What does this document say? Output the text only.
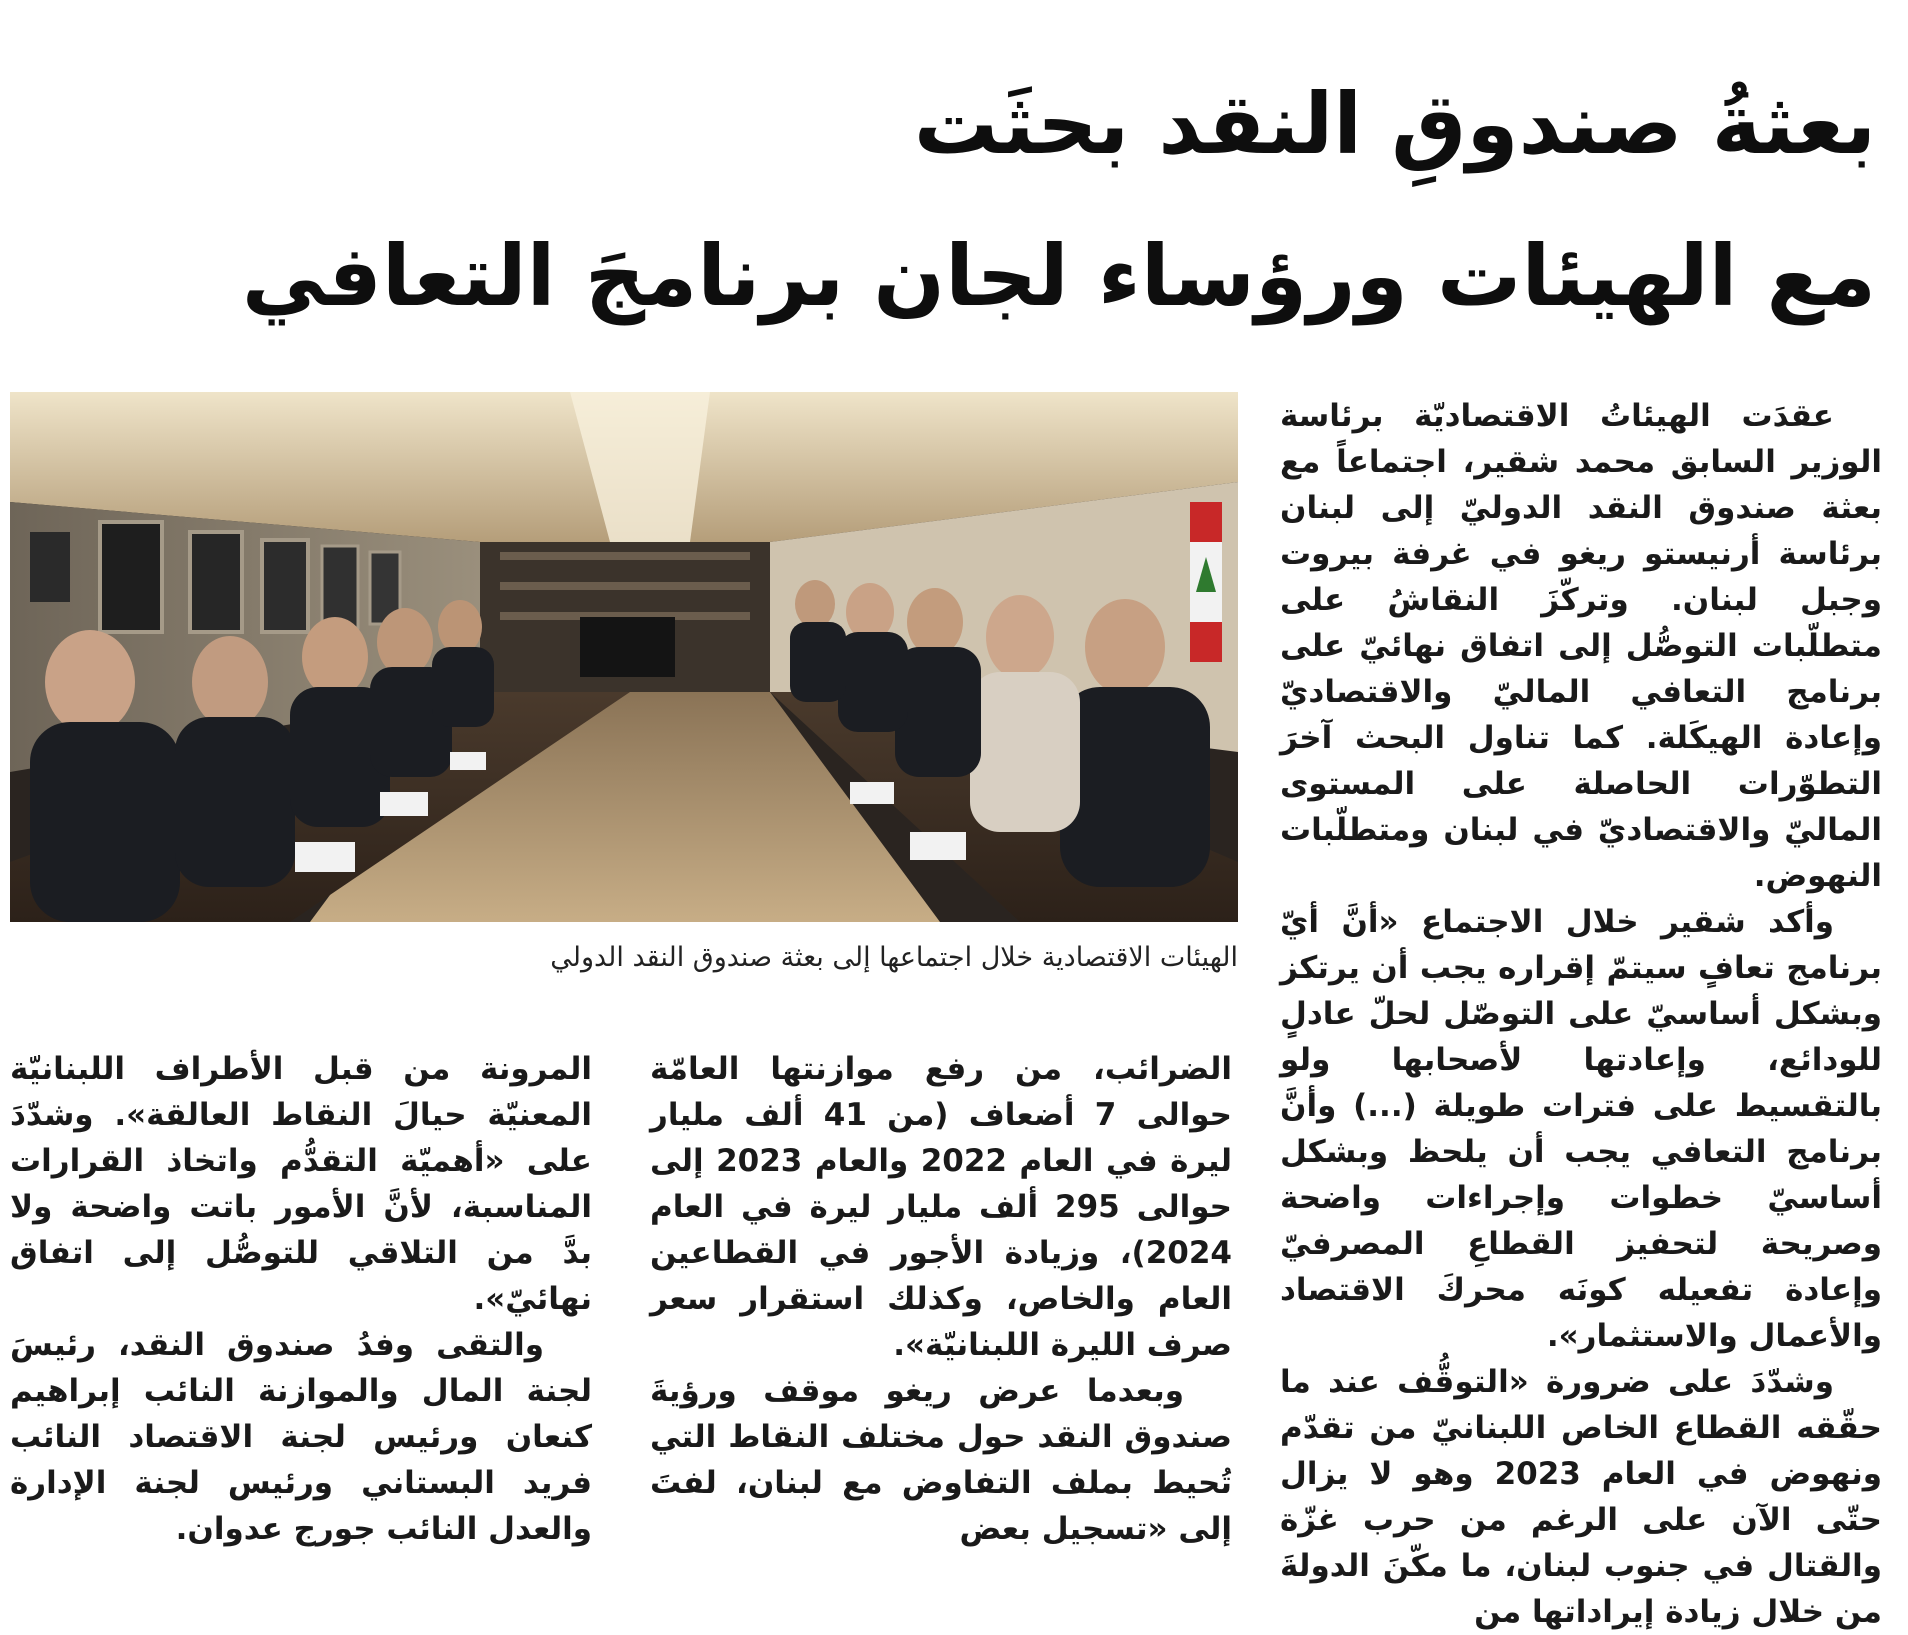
بعثةُ صندوقِ النقد بحثَت
مع الهيئات ورؤساء لجان برنامجَ التعافي

الهيئات الاقتصادية خلال اجتماعها إلى بعثة صندوق النقد الدولي

عقدَت الهيئاتُ الاقتصاديّة برئاسة الوزير السابق محمد شقير، اجتماعاً مع بعثة صندوق النقد الدوليّ إلى لبنان برئاسة أرنيستو ريغو في غرفة بيروت وجبل لبنان. وتركّزَ النقاشُ على متطلّبات التوصُّل إلى اتفاق نهائيّ على برنامج التعافي الماليّ والاقتصاديّ وإعادة الهيكَلة. كما تناول البحث آخرَ التطوّرات الحاصلة على المستوى الماليّ والاقتصاديّ في لبنان ومتطلّبات النهوض.

وأكد شقير خلال الاجتماع «أنَّ أيّ برنامج تعافٍ سيتمّ إقراره يجب أن يرتكز وبشكل أساسيّ على التوصّل لحلّ عادلٍ للودائع، وإعادتها لأصحابها ولو بالتقسيط على فترات طويلة (...) وأنَّ برنامج التعافي يجب أن يلحظ وبشكل أساسيّ خطوات وإجراءات واضحة وصريحة لتحفيز القطاعِ المصرفيّ وإعادة تفعيله كونَه محركَ الاقتصاد والأعمال والاستثمار».

وشدّدَ على ضرورة «التوقُّف عند ما حقّقه القطاع الخاص اللبنانيّ من تقدّم ونهوض في العام 2023 وهو لا يزال حتّى الآن على الرغم من حرب غزّة والقتال في جنوب لبنان، ما مكّنَ الدولةَ من خلال زيادة إيراداتها من

الضرائب، من رفع موازنتها العامّة حوالى 7 أضعاف (من 41 ألف مليار ليرة في العام 2022 والعام 2023 إلى حوالى 295 ألف مليار ليرة في العام 2024)، وزيادة الأجور في القطاعين العام والخاص، وكذلك استقرار سعر صرف الليرة اللبنانيّة».

وبعدما عرض ريغو موقف ورؤيةَ صندوق النقد حول مختلف النقاط التي تُحيط بملف التفاوض مع لبنان، لفتَ إلى «تسجيل بعض

المرونة من قبل الأطراف اللبنانيّة المعنيّة حيالَ النقاط العالقة». وشدّدَ على «أهميّة التقدُّم واتخاذ القرارات المناسبة، لأنَّ الأمور باتت واضحة ولا بدَّ من التلاقي للتوصُّل إلى اتفاق نهائيّ».

والتقى وفدُ صندوق النقد، رئيسَ لجنة المال والموازنة النائب إبراهيم كنعان ورئيس لجنة الاقتصاد النائب فريد البستاني ورئيس لجنة الإدارة والعدل النائب جورج عدوان.
